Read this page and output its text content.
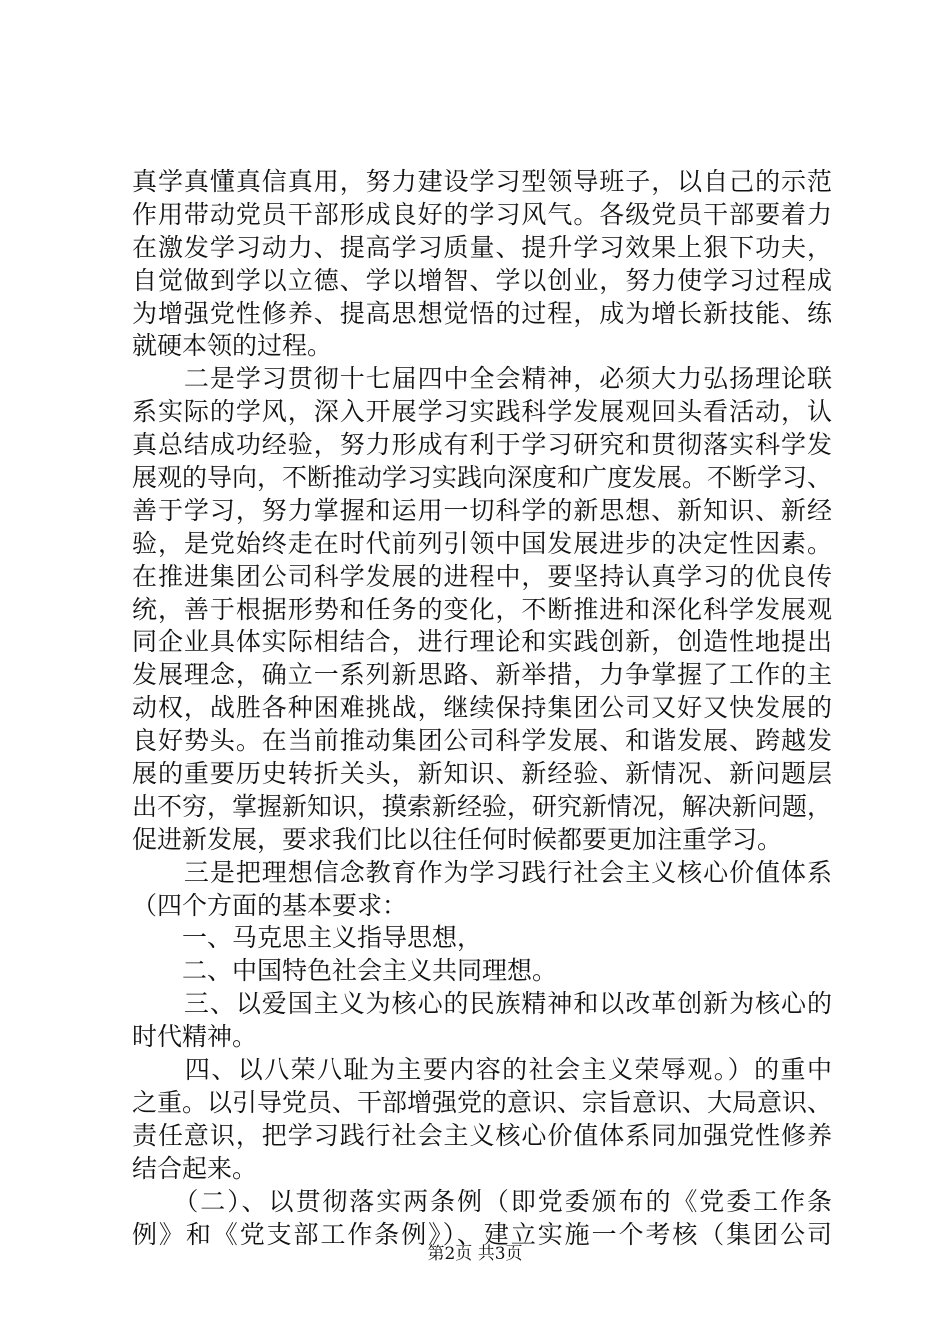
真学真懂真信真用，努力建设学习型领导班子，以自己的示范
作用带动党员干部形成良好的学习风气。各级党员干部要着力
在激发学习动力、提高学习质量、提升学习效果上狠下功夫，
自觉做到学以立德、学以增智、学以创业，努力使学习过程成
为增强党性修养、提高思想觉悟的过程，成为增长新技能、练
就硬本领的过程。
　　二是学习贯彻十七届四中全会精神，必须大力弘扬理论联
系实际的学风，深入开展学习实践科学发展观回头看活动，认
真总结成功经验，努力形成有利于学习研究和贯彻落实科学发
展观的导向，不断推动学习实践向深度和广度发展。不断学习、
善于学习，努力掌握和运用一切科学的新思想、新知识、新经
验，是党始终走在时代前列引领中国发展进步的决定性因素。
在推进集团公司科学发展的进程中，要坚持认真学习的优良传
统，善于根据形势和任务的变化，不断推进和深化科学发展观
同企业具体实际相结合，进行理论和实践创新，创造性地提出
发展理念，确立一系列新思路、新举措，力争掌握了工作的主
动权，战胜各种困难挑战，继续保持集团公司又好又快发展的
良好势头。在当前推动集团公司科学发展、和谐发展、跨越发
展的重要历史转折关头，新知识、新经验、新情况、新问题层
出不穷，掌握新知识，摸索新经验，研究新情况，解决新问题，
促进新发展，要求我们比以往任何时候都要更加注重学习。
　　三是把理想信念教育作为学习践行社会主义核心价值体系
（四个方面的基本要求：
　　一、马克思主义指导思想，
　　二、中国特色社会主义共同理想。
　　三、以爱国主义为核心的民族精神和以改革创新为核心的
时代精神。
　　四、以八荣八耻为主要内容的社会主义荣辱观。）的重中
之重。以引导党员、干部增强党的意识、宗旨意识、大局意识、
责任意识，把学习践行社会主义核心价值体系同加强党性修养
结合起来。
　　（二）、以贯彻落实两条例（即党委颁布的《党委工作条
例》和《党支部工作条例》）、建立实施一个考核（集团公司
第2页 共3页
